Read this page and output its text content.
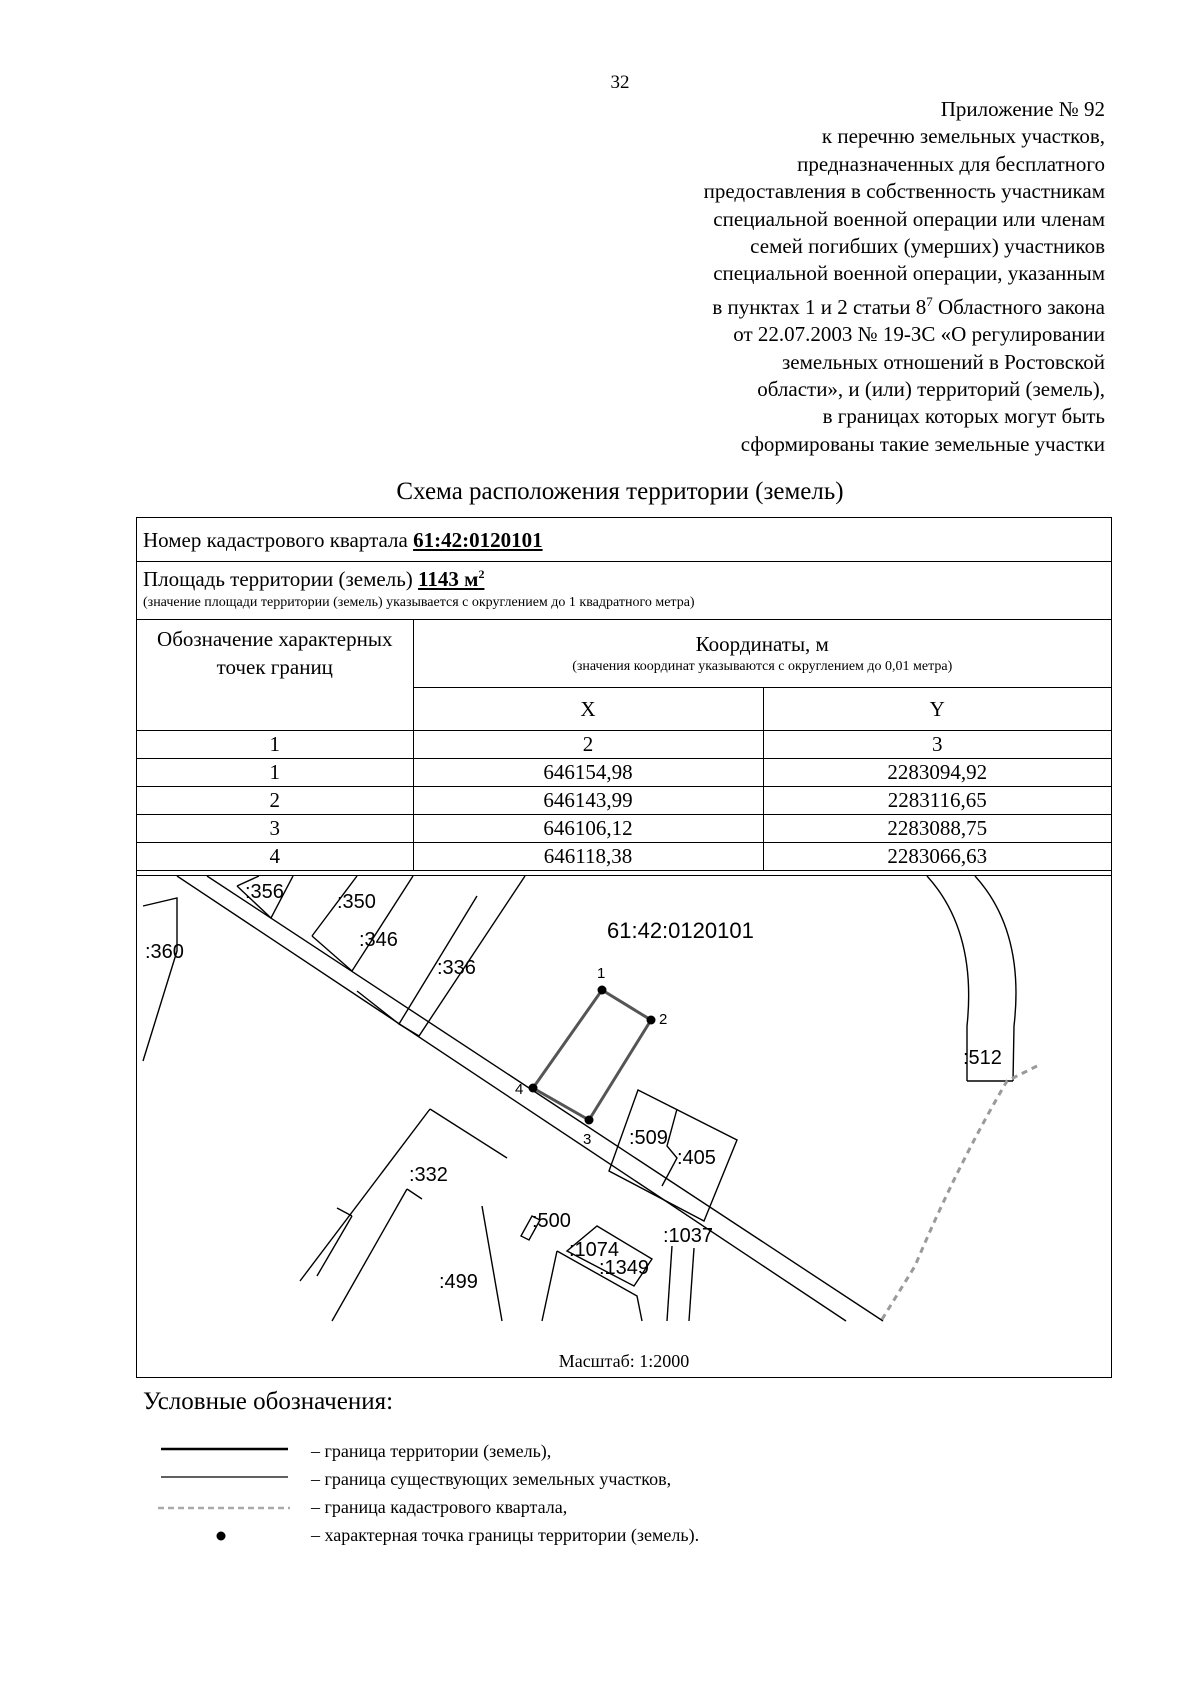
32
Приложение № 92
к перечню земельных участков,
предназначенных для бесплатного
предоставления в собственность участникам
специальной военной операции или членам
семей погибших (умерших) участников
специальной военной операции, указанным
в пунктах 1 и 2 статьи $8^7$ Областного закона
от 22.07.2003 № 19-ЗС «О регулировании
земельных отношений в Ростовской
области», и (или) территорий (земель),
в границах которых могут быть
сформированы такие земельные участки
Схема расположения территории (земель)
Номер кадастрового квартала 61:42:0120101
Площадь территории (земель) 1143 $м^2$
(значение площади территории (земель) указывается с округлением до 1 квадратного метра)
Обозначение характерных точек границ	Координаты, м
(значения координат указываются с округлением до 0,01 метра)	

	X	Y
1	2	3
1	646154,98	2283094,92
2	646143,99	2283116,65
3	646106,12	2283088,75
4	646118,38	2283066,63
61:42:0120101
:356	:350
:346
:360
:336
:512
:509
:405
:332
:500
:1037
:1074
:1349
:499
1
2
3
4
Масштаб: 1:2000
Условные обозначения:
– граница территории (земель),
– граница существующих земельных участков,
– граница кадастрового квартала,
– характерная точка границы территории (земель).
